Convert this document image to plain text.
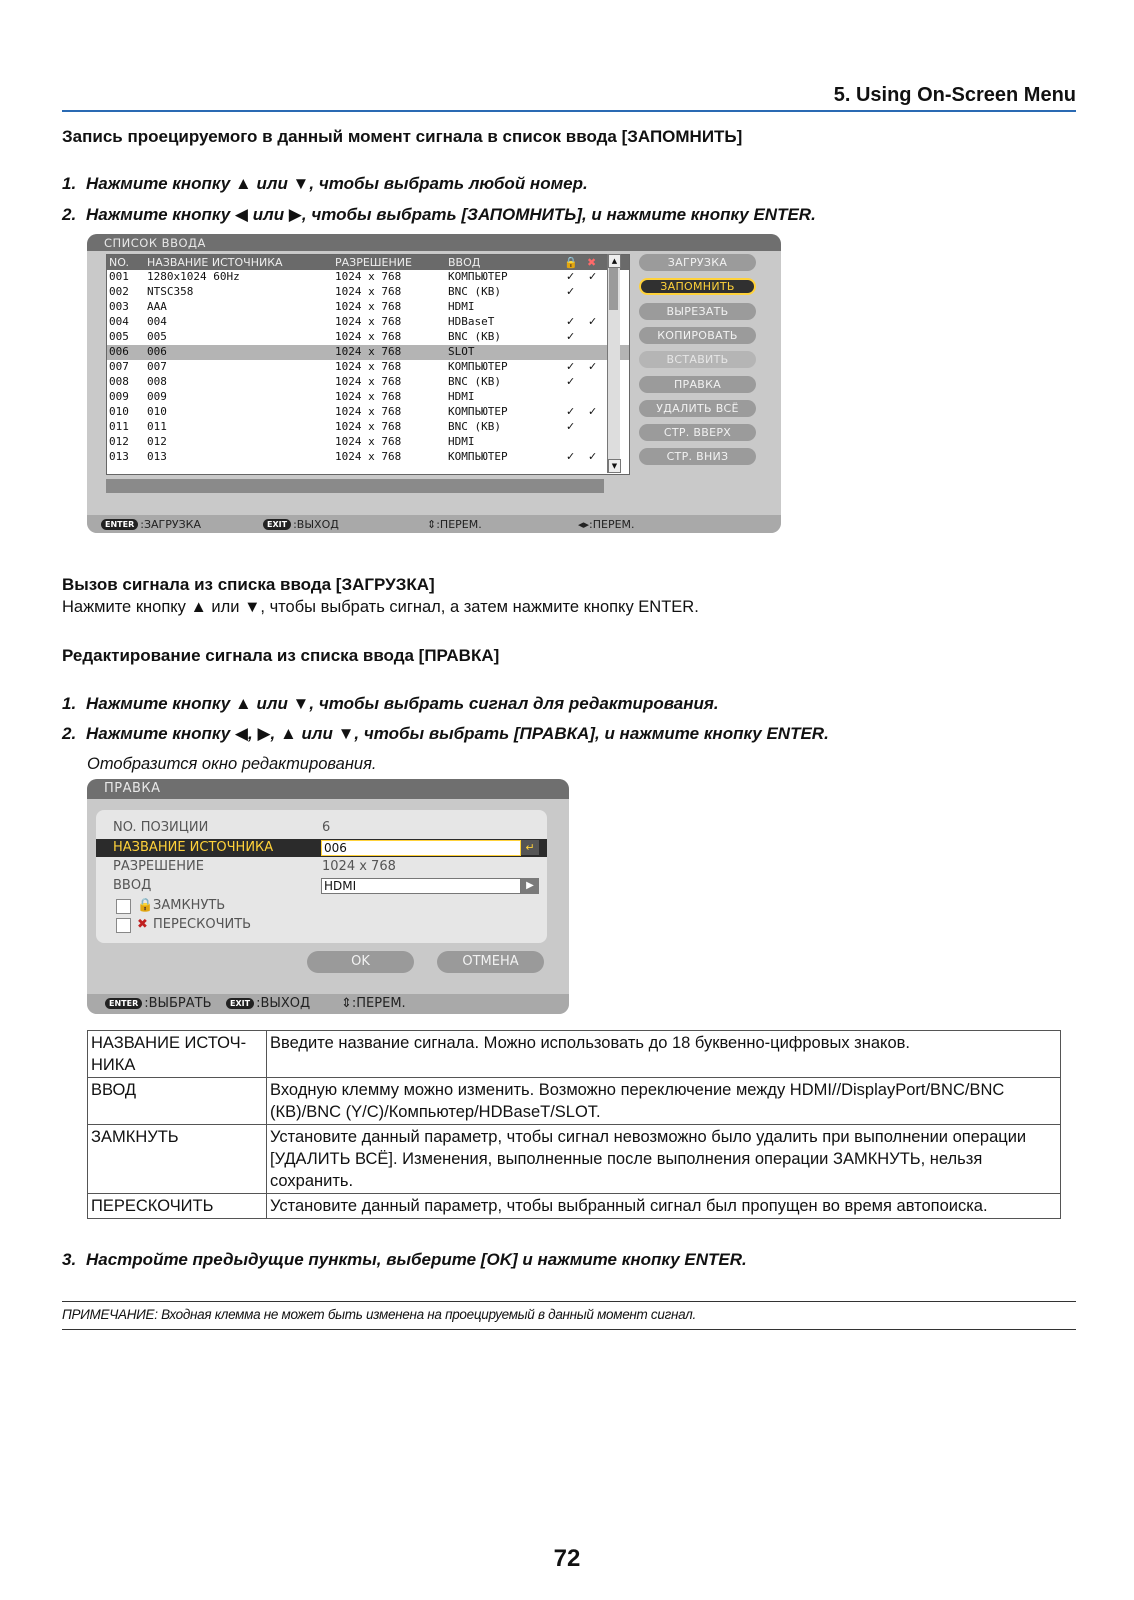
5. Using On-Screen Menu
Запись проецируемого в данный момент сигнала в список ввода [ЗАПОМНИТЬ]
1. Нажмите кнопку ▲ или ▼, чтобы выбрать любой номер.
2. Нажмите кнопку ◀ или ▶, чтобы выбрать [ЗАПОМНИТЬ], и нажмите кнопку ENTER.
СПИСОК ВВОДА
NO. НАЗВАНИЕ ИСТОЧНИКА	РАЗРЕШЕНИЕ	ВВОД	🔒 ✖
001 1280x1024 60Hz	1024 x 768	КОМПЬЮТЕР	✓ ✓
002 NTSC358	1024 x 768	BNC (КВ)	✓
003 AAA	1024 x 768	HDMI
004 004	1024 x 768	HDBaseT	✓ ✓
005 005	1024 x 768	BNC (КВ)	✓
006 006	1024 x 768	SLOT
007 007	1024 x 768	КОМПЬЮТЕР	✓ ✓
008 008	1024 x 768	BNC (КВ)	✓
009 009	1024 x 768	HDMI
010 010	1024 x 768	КОМПЬЮТЕР	✓ ✓
011 011	1024 x 768	BNC (КВ)	✓
012 012	1024 x 768	HDMI
013 013	1024 x 768	КОМПЬЮТЕР	✓ ✓
▲
▼
ЗАГРУЗКА
ЗАПОМНИТЬ
ВЫРЕЗАТЬ
КОПИРОВАТЬ
ВСТАВИТЬ
ПРАВКА
УДАЛИТЬ ВСЁ
СТР. ВВЕРХ
СТР. ВНИЗ
ENTER :ЗАГРУЗКА	EXIT :ВЫХОД	⇕:ПЕРЕМ.	◂▸:ПЕРЕМ.
Вызов сигнала из списка ввода [ЗАГРУЗКА]
Нажмите кнопку ▲ или ▼, чтобы выбрать сигнал, а затем нажмите кнопку ENTER.
Редактирование сигнала из списка ввода [ПРАВКА]
1. Нажмите кнопку ▲ или ▼, чтобы выбрать сигнал для редактирования.
2. Нажмите кнопку ◀, ▶, ▲ или ▼, чтобы выбрать [ПРАВКА], и нажмите кнопку ENTER.
Отобразится окно редактирования.
ПРАВКА
NO. ПОЗИЦИИ	6
НАЗВАНИЕ ИСТОЧНИКА	006	↵
РАЗРЕШЕНИЕ	1024 x 768
ВВОД	HDMI	▶
🔒 ЗАМКНУТЬ
✖ ПЕРЕСКОЧИТЬ
OK	ОТМЕНА
ENTER :ВЫБРАТЬ	EXIT :ВЫХОД ⇕:ПЕРЕМ.
НАЗВАНИЕ ИСТОЧ-НИКА	Введите название сигнала. Можно использовать до 18 буквенно-цифровых знаков.
ВВОД	Входную клемму можно изменить. Возможно переключение между HDMI//DisplayPort/BNC/BNC (КВ)/BNC (Y/C)/Компьютер/HDBaseT/SLOT.
ЗАМКНУТЬ	Установите данный параметр, чтобы сигнал невозможно было удалить при выполнении операции [УДАЛИТЬ ВСЁ]. Изменения, выполненные после выполнения операции ЗАМКНУТЬ, нельзя сохранить.
ПЕРЕСКОЧИТЬ	Установите данный параметр, чтобы выбранный сигнал был пропущен во время автопоиска.
3. Настройте предыдущие пункты, выберите [OK] и нажмите кнопку ENTER.
ПРИМЕЧАНИЕ: Входная клемма не может быть изменена на проецируемый в данный момент сигнал.
72
